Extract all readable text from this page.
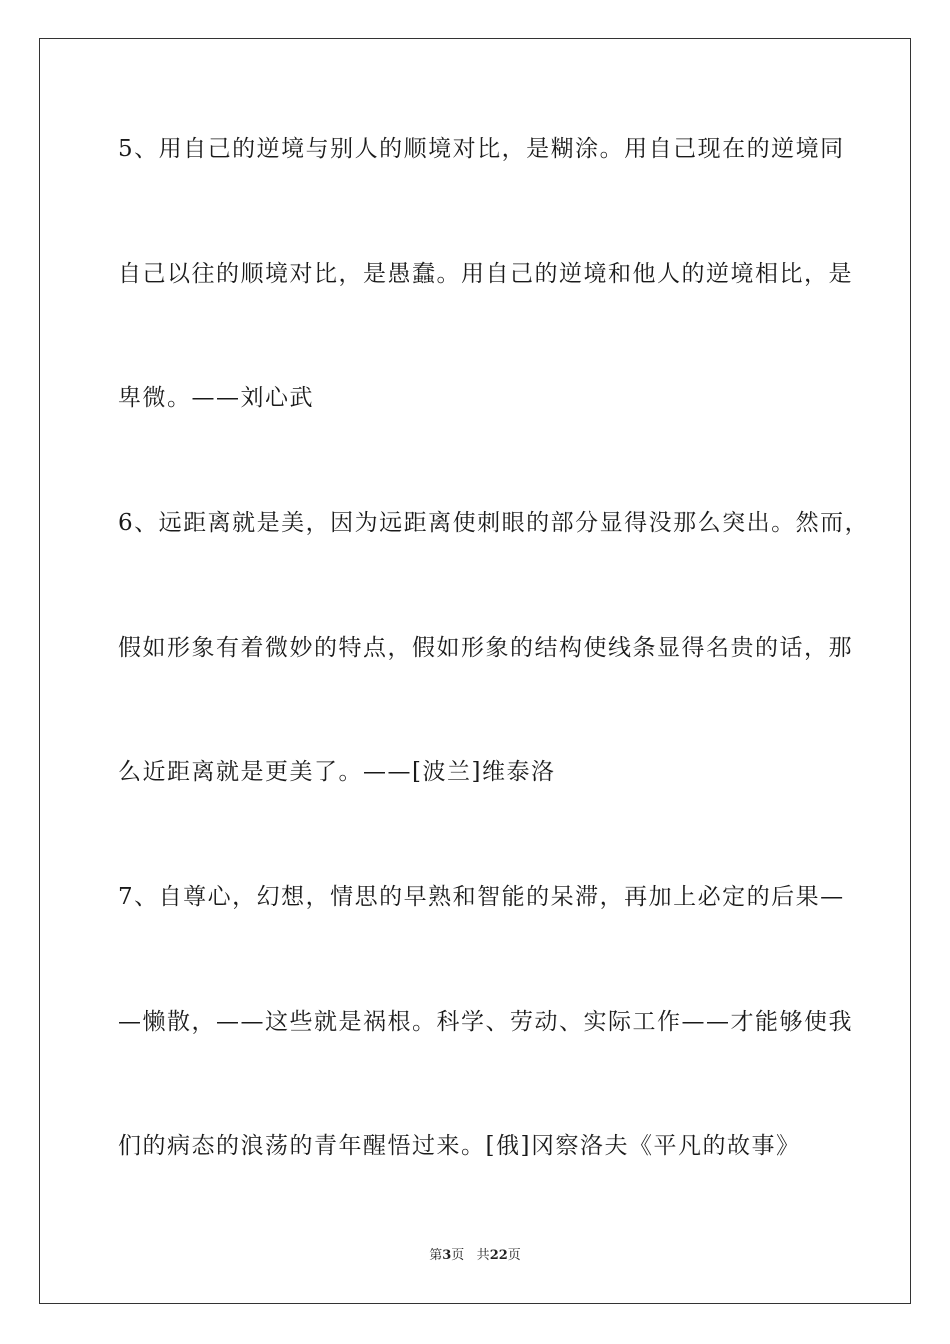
5、用自己的逆境与别人的顺境对比，是糊涂。用自己现在的逆境同
自己以往的顺境对比，是愚蠢。用自己的逆境和他人的逆境相比，是
卑微。——刘心武
6、远距离就是美，因为远距离使刺眼的部分显得没那么突出。然而，
假如形象有着微妙的特点，假如形象的结构使线条显得名贵的话，那
么近距离就是更美了。——[波兰]维泰洛
7、自尊心，幻想，情思的早熟和智能的呆滞，再加上必定的后果—
—懒散，——这些就是祸根。科学、劳动、实际工作——才能够使我
们的病态的浪荡的青年醒悟过来。[俄]冈察洛夫《平凡的故事》
第3页 共22页
